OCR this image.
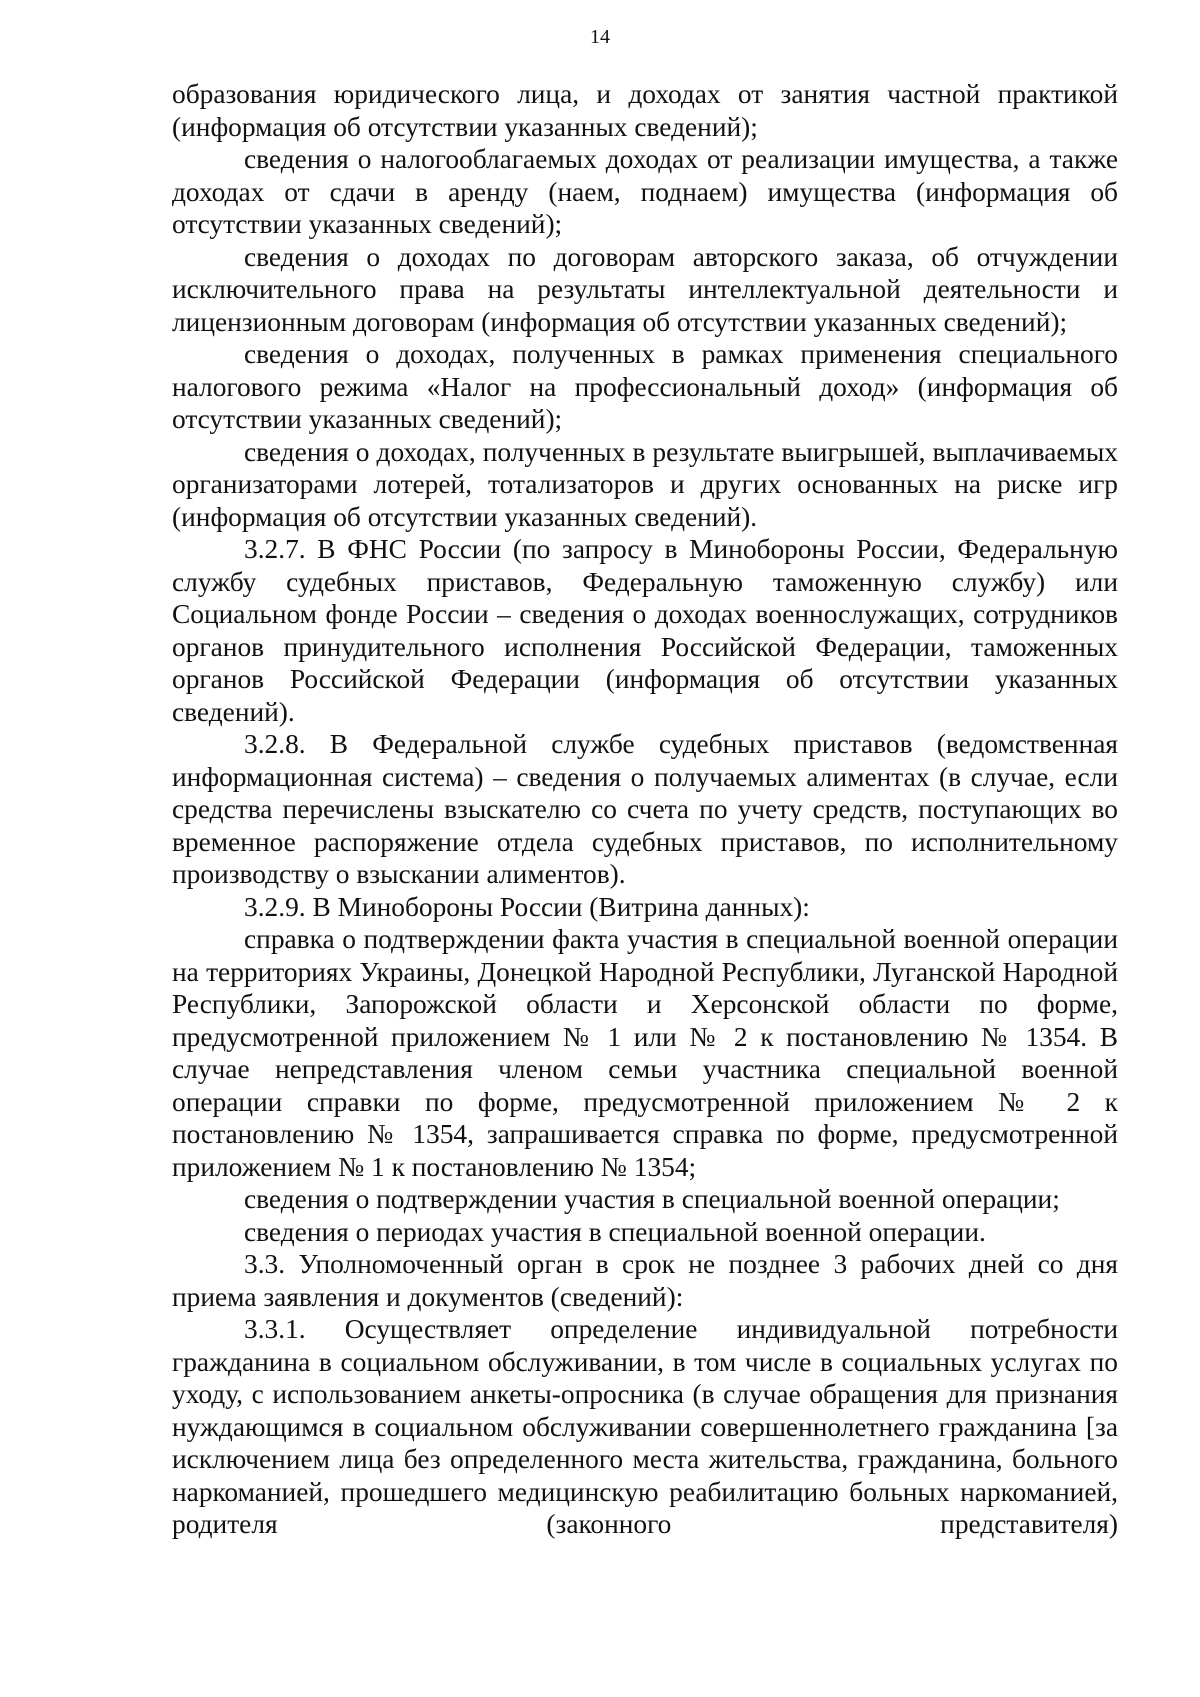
14

образования юридического лица, и доходах от занятия частной практикой (информация об отсутствии указанных сведений);

сведения о налогооблагаемых доходах от реализации имущества, а также доходах от сдачи в аренду (наем, поднаем) имущества (информация об отсутствии указанных сведений);

сведения о доходах по договорам авторского заказа, об отчуждении исключительного права на результаты интеллектуальной деятельности и лицензионным договорам (информация об отсутствии указанных сведений);

сведения о доходах, полученных в рамках применения специального налогового режима «Налог на профессиональный доход» (информация об отсутствии указанных сведений);

сведения о доходах, полученных в результате выигрышей, выплачиваемых организаторами лотерей, тотализаторов и других основанных на риске игр (информация об отсутствии указанных сведений).

3.2.7. В ФНС России (по запросу в Минобороны России, Федеральную службу судебных приставов, Федеральную таможенную службу) или Социальном фонде России – сведения о доходах военнослужащих, сотрудников органов принудительного исполнения Российской Федерации, таможенных органов Российской Федерации (информация об отсутствии указанных сведений).

3.2.8. В Федеральной службе судебных приставов (ведомственная информационная система) – сведения о получаемых алиментах (в случае, если средства перечислены взыскателю со счета по учету средств, поступающих во временное распоряжение отдела судебных приставов, по исполнительному производству о взыскании алиментов).

3.2.9. В Минобороны России (Витрина данных):

справка о подтверждении факта участия в специальной военной операции на территориях Украины, Донецкой Народной Республики, Луганской Народной Республики, Запорожской области и Херсонской области по форме, предусмотренной приложением № 1 или № 2 к постановлению № 1354. В случае непредставления членом семьи участника специальной военной операции справки по форме, предусмотренной приложением № 2 к постановлению № 1354, запрашивается справка по форме, предусмотренной приложением № 1 к постановлению № 1354;

сведения о подтверждении участия в специальной военной операции;

сведения о периодах участия в специальной военной операции.

3.3. Уполномоченный орган в срок не позднее 3 рабочих дней со дня приема заявления и документов (сведений):

3.3.1. Осуществляет определение индивидуальной потребности гражданина в социальном обслуживании, в том числе в социальных услугах по уходу, с использованием анкеты-опросника (в случае обращения для признания нуждающимся в социальном обслуживании совершеннолетнего гражданина [за исключением лица без определенного места жительства, гражданина, больного наркоманией, прошедшего медицинскую реабилитацию больных наркоманией, родителя (законного представителя)
